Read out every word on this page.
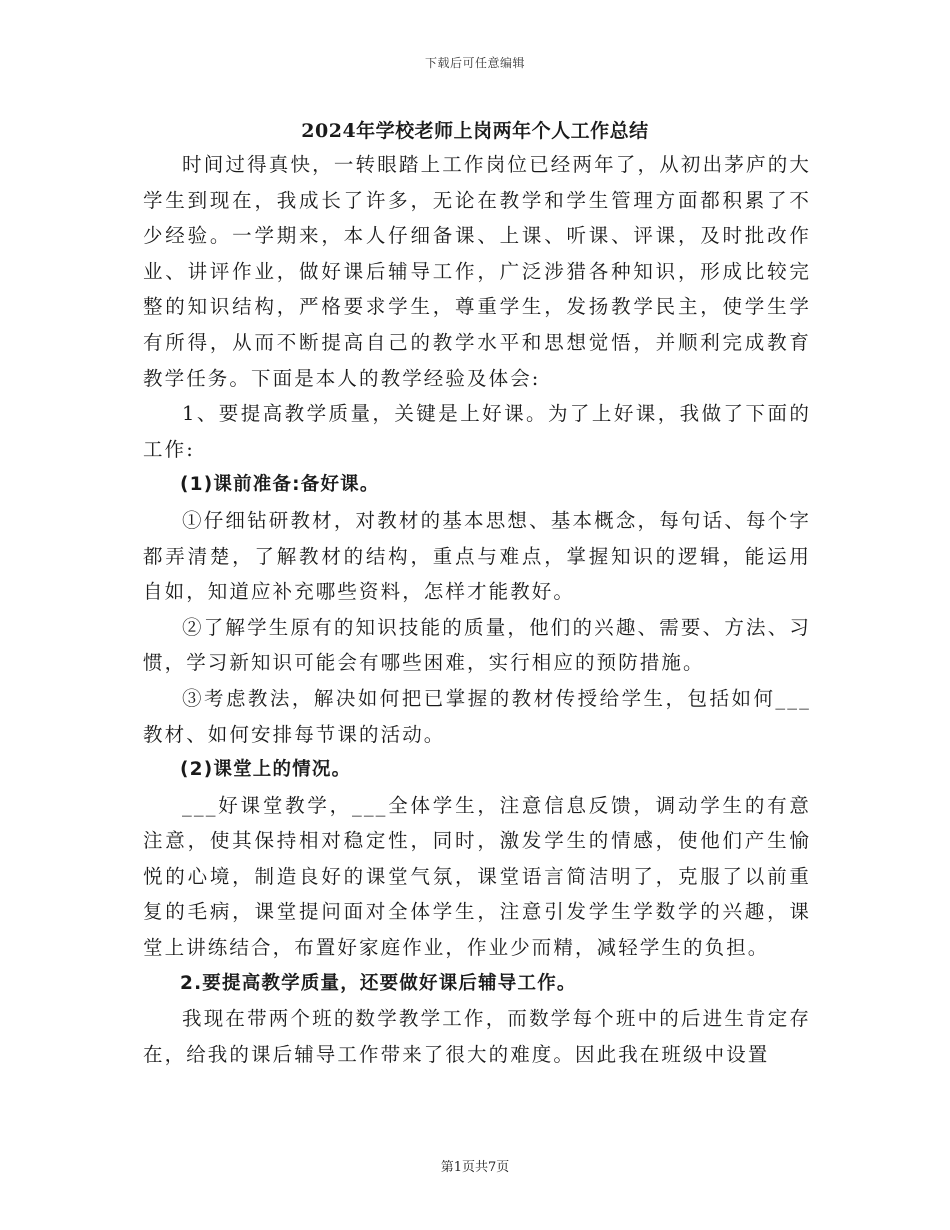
下载后可任意编辑
2024年学校老师上岗两年个人工作总结

时间过得真快，一转眼踏上工作岗位已经两年了，从初出茅庐的大学生到现在，我成长了许多，无论在教学和学生管理方面都积累了不少经验。一学期来，本人仔细备课、上课、听课、评课，及时批改作业、讲评作业，做好课后辅导工作，广泛涉猎各种知识，形成比较完整的知识结构，严格要求学生，尊重学生，发扬教学民主，使学生学有所得，从而不断提高自己的教学水平和思想觉悟，并顺利完成教育教学任务。下面是本人的教学经验及体会:

1、要提高教学质量，关键是上好课。为了上好课，我做了下面的工作:

(1)课前准备:备好课。

①仔细钻研教材，对教材的基本思想、基本概念，每句话、每个字都弄清楚，了解教材的结构，重点与难点，掌握知识的逻辑，能运用自如，知道应补充哪些资料，怎样才能教好。

②了解学生原有的知识技能的质量，他们的兴趣、需要、方法、习惯，学习新知识可能会有哪些困难，实行相应的预防措施。

③考虑教法，解决如何把已掌握的教材传授给学生，包括如何___教材、如何安排每节课的活动。

(2)课堂上的情况。

___好课堂教学，___全体学生，注意信息反馈，调动学生的有意注意，使其保持相对稳定性，同时，激发学生的情感，使他们产生愉悦的心境，制造良好的课堂气氛，课堂语言简洁明了，克服了以前重复的毛病，课堂提问面对全体学生，注意引发学生学数学的兴趣，课堂上讲练结合，布置好家庭作业，作业少而精，减轻学生的负担。

2.要提高教学质量，还要做好课后辅导工作。

我现在带两个班的数学教学工作，而数学每个班中的后进生肯定存在，给我的课后辅导工作带来了很大的难度。因此我在班级中设置

第1页共7页
